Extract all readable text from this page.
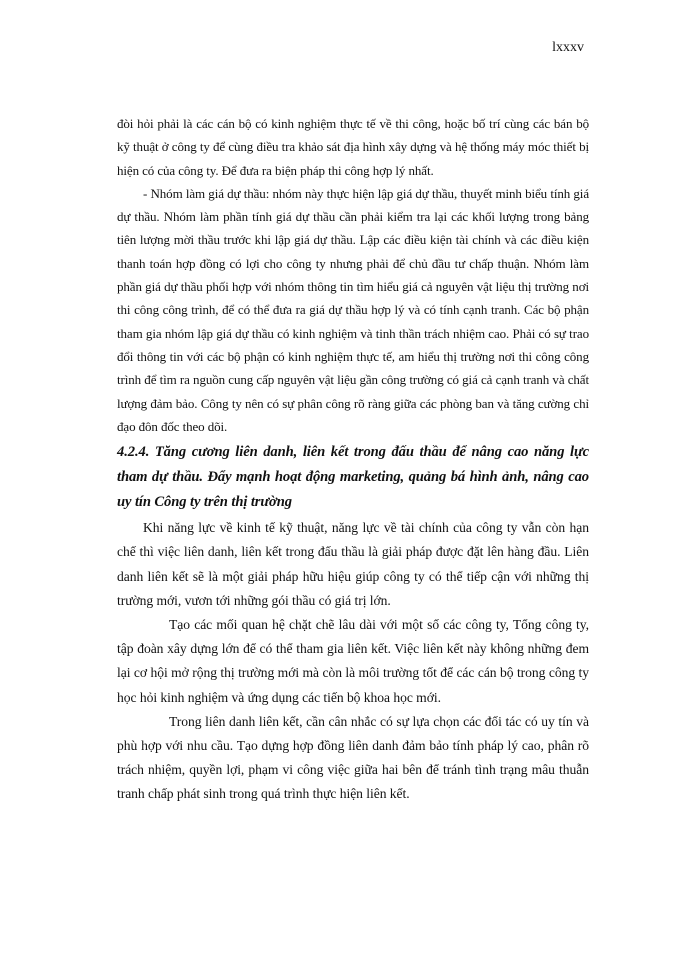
lxxxv

đòi hỏi phải là các cán bộ có kinh nghiệm thực tế về thi công, hoặc bố trí cùng các bán bộ kỹ thuật ở công ty để cùng điều tra khảo sát địa hình xây dựng và hệ thống máy móc thiết bị hiện có của công ty. Để đưa ra biện pháp thi công hợp lý nhất.

- Nhóm làm giá dự thầu: nhóm này thực hiện lập giá dự thầu, thuyết minh biểu tính giá dự thầu. Nhóm làm phần tính giá dự thầu cần phải kiểm tra lại các khối lượng trong bảng tiên lượng mời thầu trước khi lập giá dự thầu. Lập các điều kiện tài chính và các điều kiện thanh toán hợp đồng có lợi cho công ty nhưng phải để chủ đầu tư chấp thuận. Nhóm làm phần giá dự thầu phối hợp với nhóm thông tin tìm hiểu giá cả nguyên vật liệu thị trường nơi thi công công trình, để có thể đưa ra giá dự thầu hợp lý và có tính cạnh tranh. Các bộ phận tham gia nhóm lập giá dự thầu có kinh nghiệm và tinh thần trách nhiệm cao. Phải có sự trao đổi thông tin với các bộ phận có kinh nghiệm thực tế, am hiểu thị trường nơi thi công công trình để tìm ra nguồn cung cấp nguyên vật liệu gần công trường có giá cả cạnh tranh và chất lượng đảm bảo. Công ty nên có sự phân công rõ ràng giữa các phòng ban và tăng cường chỉ đạo đôn đốc theo dõi.

4.2.4. Tăng cương liên danh, liên kết trong đấu thầu để nâng cao năng lực tham dự thầu. Đẩy mạnh hoạt động marketing, quảng bá hình ảnh, nâng cao uy tín Công ty trên thị trường

Khi năng lực về kinh tế kỹ thuật, năng lực về tài chính của công ty vẫn còn hạn chế thì việc liên danh, liên kết trong đấu thầu là giải pháp được đặt lên hàng đầu. Liên danh liên kết sẽ là một giải pháp hữu hiệu giúp công ty có thể tiếp cận với những thị trường mới, vươn tới những gói thầu có giá trị lớn.

Tạo các mối quan hệ chặt chẽ lâu dài với một số các công ty, Tổng công ty, tập đoàn xây dựng lớn để có thể tham gia liên kết. Việc liên kết này không những đem lại cơ hội mở rộng thị trường mới mà còn là môi trường tốt để các cán bộ trong công ty học hỏi kinh nghiệm và ứng dụng các tiến bộ khoa học mới.

Trong liên danh liên kết, cần cân nhắc có sự lựa chọn các đối tác có uy tín và phù hợp với nhu cầu. Tạo dựng hợp đồng liên danh đảm bảo tính pháp lý cao, phân rõ trách nhiệm, quyền lợi, phạm vi công việc giữa hai bên để tránh tình trạng mâu thuẫn tranh chấp phát sinh trong quá trình thực hiện liên kết.
